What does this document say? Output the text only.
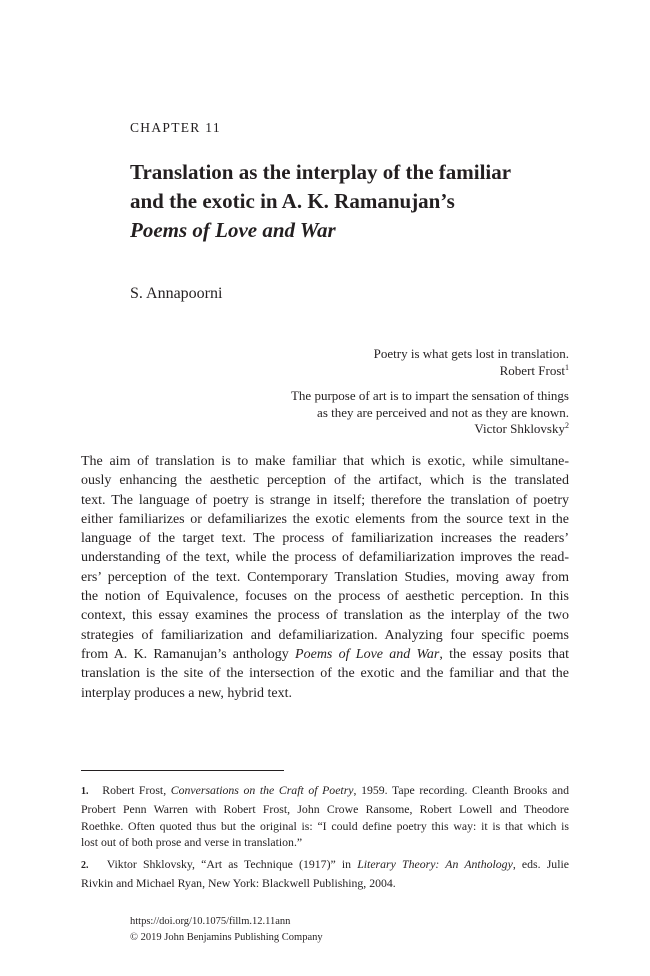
CHAPTER 11
Translation as the interplay of the familiar
and the exotic in A. K. Ramanujan’s
Poems of Love and War
S. Annapoorni
Poetry is what gets lost in translation.
Robert Frost$^1$
The purpose of art is to impart the sensation of things
as they are perceived and not as they are known.
Victor Shklovsky$^2$
The aim of translation is to make familiar that which is exotic, while simultane-
ously enhancing the aesthetic perception of the artifact, which is the translated
text. The language of poetry is strange in itself; therefore the translation of poetry
either familiarizes or defamiliarizes the exotic elements from the source text in the
language of the target text. The process of familiarization increases the readers’
understanding of the text, while the process of defamiliarization improves the read-
ers’ perception of the text. Contemporary Translation Studies, moving away from
the notion of Equivalence, focuses on the process of aesthetic perception. In this
context, this essay examines the process of translation as the interplay of the two
strategies of familiarization and defamiliarization. Analyzing four specific poems
from A. K. Ramanujan’s anthology Poems of Love and War, the essay posits that
translation is the site of the intersection of the exotic and the familiar and that the
interplay produces a new, hybrid text.
1. Robert Frost, Conversations on the Craft of Poetry, 1959. Tape recording. Cleanth Brooks and
Probert Penn Warren with Robert Frost, John Crowe Ransome, Robert Lowell and Theodore
Roethke. Often quoted thus but the original is: “I could define poetry this way: it is that which is
lost out of both prose and verse in translation.”
2. Viktor Shklovsky, “Art as Technique (1917)” in Literary Theory: An Anthology, eds. Julie
Rivkin and Michael Ryan, New York: Blackwell Publishing, 2004.
https://doi.org/10.1075/fillm.12.11ann
© 2019 John Benjamins Publishing Company
